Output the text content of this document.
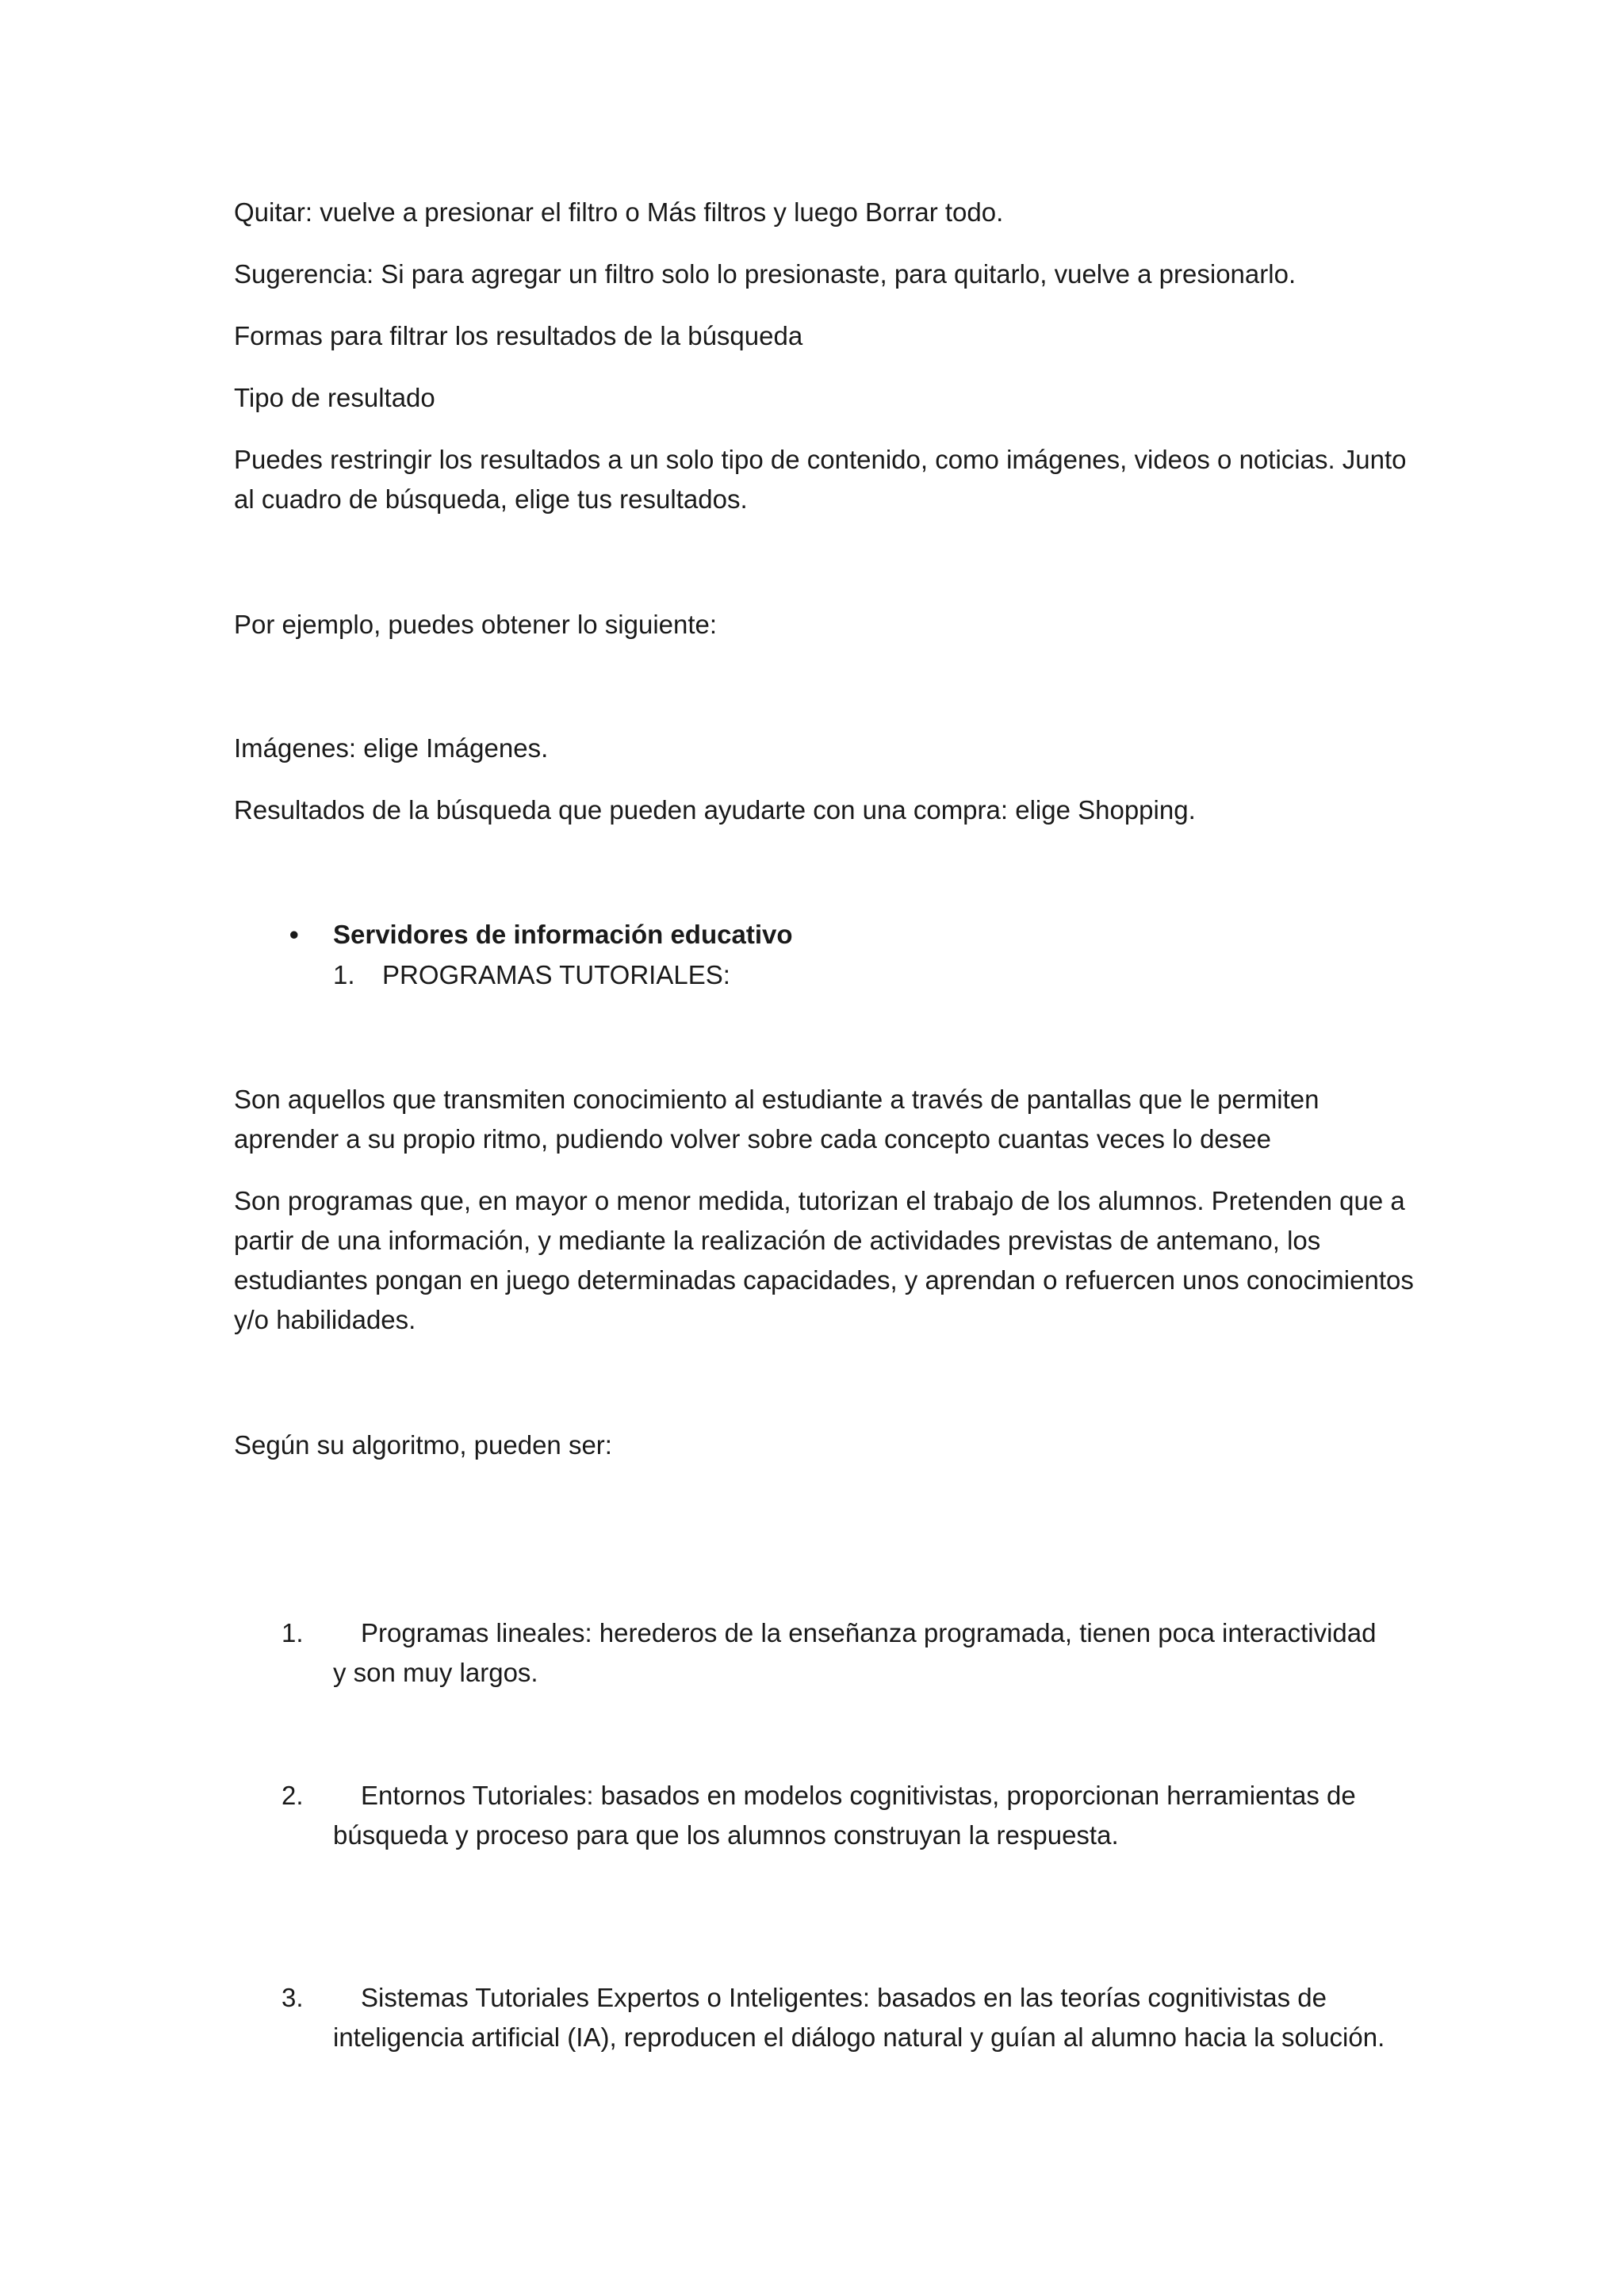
Quitar: vuelve a presionar el filtro o Más filtros y luego Borrar todo.

Sugerencia: Si para agregar un filtro solo lo presionaste, para quitarlo, vuelve a presionarlo.

Formas para filtrar los resultados de la búsqueda

Tipo de resultado

Puedes restringir los resultados a un solo tipo de contenido, como imágenes, videos o noticias. Junto al cuadro de búsqueda, elige tus resultados.

Por ejemplo, puedes obtener lo siguiente:

Imágenes: elige Imágenes.

Resultados de la búsqueda que pueden ayudarte con una compra: elige Shopping.

•	Servidores de información educativo
1. PROGRAMAS TUTORIALES:

Son aquellos que transmiten conocimiento al estudiante a través de pantallas que le permiten aprender a su propio ritmo, pudiendo volver sobre cada concepto cuantas veces lo desee

Son programas que, en mayor o menor medida, tutorizan el trabajo de los alumnos. Pretenden que a partir de una información, y mediante la realización de actividades previstas de antemano, los estudiantes pongan en juego determinadas capacidades, y aprendan o refuercen unos conocimientos y/o habilidades.

Según su algoritmo, pueden ser:

1.	Programas lineales: herederos de la enseñanza programada, tienen poca interactividad y son muy largos.
2.	Entornos Tutoriales: basados en modelos cognitivistas, proporcionan herramientas de búsqueda y proceso para que los alumnos construyan la respuesta.
3.	Sistemas Tutoriales Expertos o Inteligentes: basados en las teorías cognitivistas de inteligencia artificial (IA), reproducen el diálogo natural y guían al alumno hacia la solución.
